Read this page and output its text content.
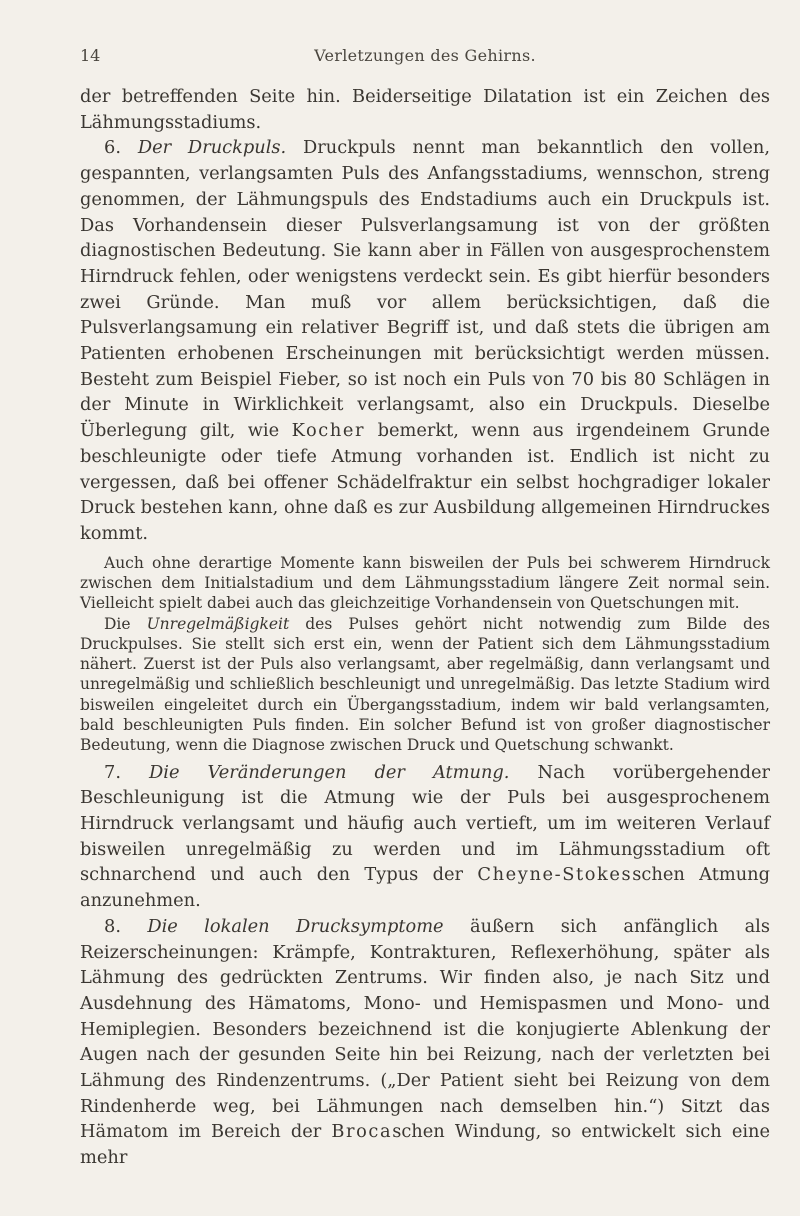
14	Verletzungen des Gehirns.

der betreffenden Seite hin. Beiderseitige Dilatation ist ein Zeichen des Lähmungsstadiums.

6. Der Druckpuls. Druckpuls nennt man bekanntlich den vollen, gespannten, verlangsamten Puls des Anfangsstadiums, wennschon, streng genommen, der Lähmungspuls des Endstadiums auch ein Druckpuls ist. Das Vorhandensein dieser Pulsverlangsamung ist von der größten diagnostischen Bedeutung. Sie kann aber in Fällen von ausgesprochenstem Hirndruck fehlen, oder wenigstens verdeckt sein. Es gibt hierfür besonders zwei Gründe. Man muß vor allem berücksichtigen, daß die Pulsverlangsamung ein relativer Begriff ist, und daß stets die übrigen am Patienten erhobenen Erscheinungen mit berücksichtigt werden müssen. Besteht zum Beispiel Fieber, so ist noch ein Puls von 70 bis 80 Schlägen in der Minute in Wirklichkeit verlangsamt, also ein Druckpuls. Dieselbe Überlegung gilt, wie Kocher bemerkt, wenn aus irgendeinem Grunde beschleunigte oder tiefe Atmung vorhanden ist. Endlich ist nicht zu vergessen, daß bei offener Schädelfraktur ein selbst hochgradiger lokaler Druck bestehen kann, ohne daß es zur Ausbildung allgemeinen Hirndruckes kommt.

Auch ohne derartige Momente kann bisweilen der Puls bei schwerem Hirndruck zwischen dem Initialstadium und dem Lähmungsstadium längere Zeit normal sein. Vielleicht spielt dabei auch das gleichzeitige Vorhandensein von Quetschungen mit.

Die Unregelmäßigkeit des Pulses gehört nicht notwendig zum Bilde des Druckpulses. Sie stellt sich erst ein, wenn der Patient sich dem Lähmungsstadium nähert. Zuerst ist der Puls also verlangsamt, aber regelmäßig, dann verlangsamt und unregelmäßig und schließlich beschleunigt und unregelmäßig. Das letzte Stadium wird bisweilen eingeleitet durch ein Übergangsstadium, indem wir bald verlangsamten, bald beschleunigten Puls finden. Ein solcher Befund ist von großer diagnostischer Bedeutung, wenn die Diagnose zwischen Druck und Quetschung schwankt.

7. Die Veränderungen der Atmung. Nach vorübergehender Beschleunigung ist die Atmung wie der Puls bei ausgesprochenem Hirndruck verlangsamt und häufig auch vertieft, um im weiteren Verlauf bisweilen unregelmäßig zu werden und im Lähmungsstadium oft schnarchend und auch den Typus der Cheyne-Stokesschen Atmung anzunehmen.

8. Die lokalen Drucksymptome äußern sich anfänglich als Reizerscheinungen: Krämpfe, Kontrakturen, Reflexerhöhung, später als Lähmung des gedrückten Zentrums. Wir finden also, je nach Sitz und Ausdehnung des Hämatoms, Mono- und Hemispasmen und Mono- und Hemiplegien. Besonders bezeichnend ist die konjugierte Ablenkung der Augen nach der gesunden Seite hin bei Reizung, nach der verletzten bei Lähmung des Rindenzentrums. („Der Patient sieht bei Reizung von dem Rindenherde weg, bei Lähmungen nach demselben hin.“) Sitzt das Hämatom im Bereich der Brocaschen Windung, so entwickelt sich eine mehr
